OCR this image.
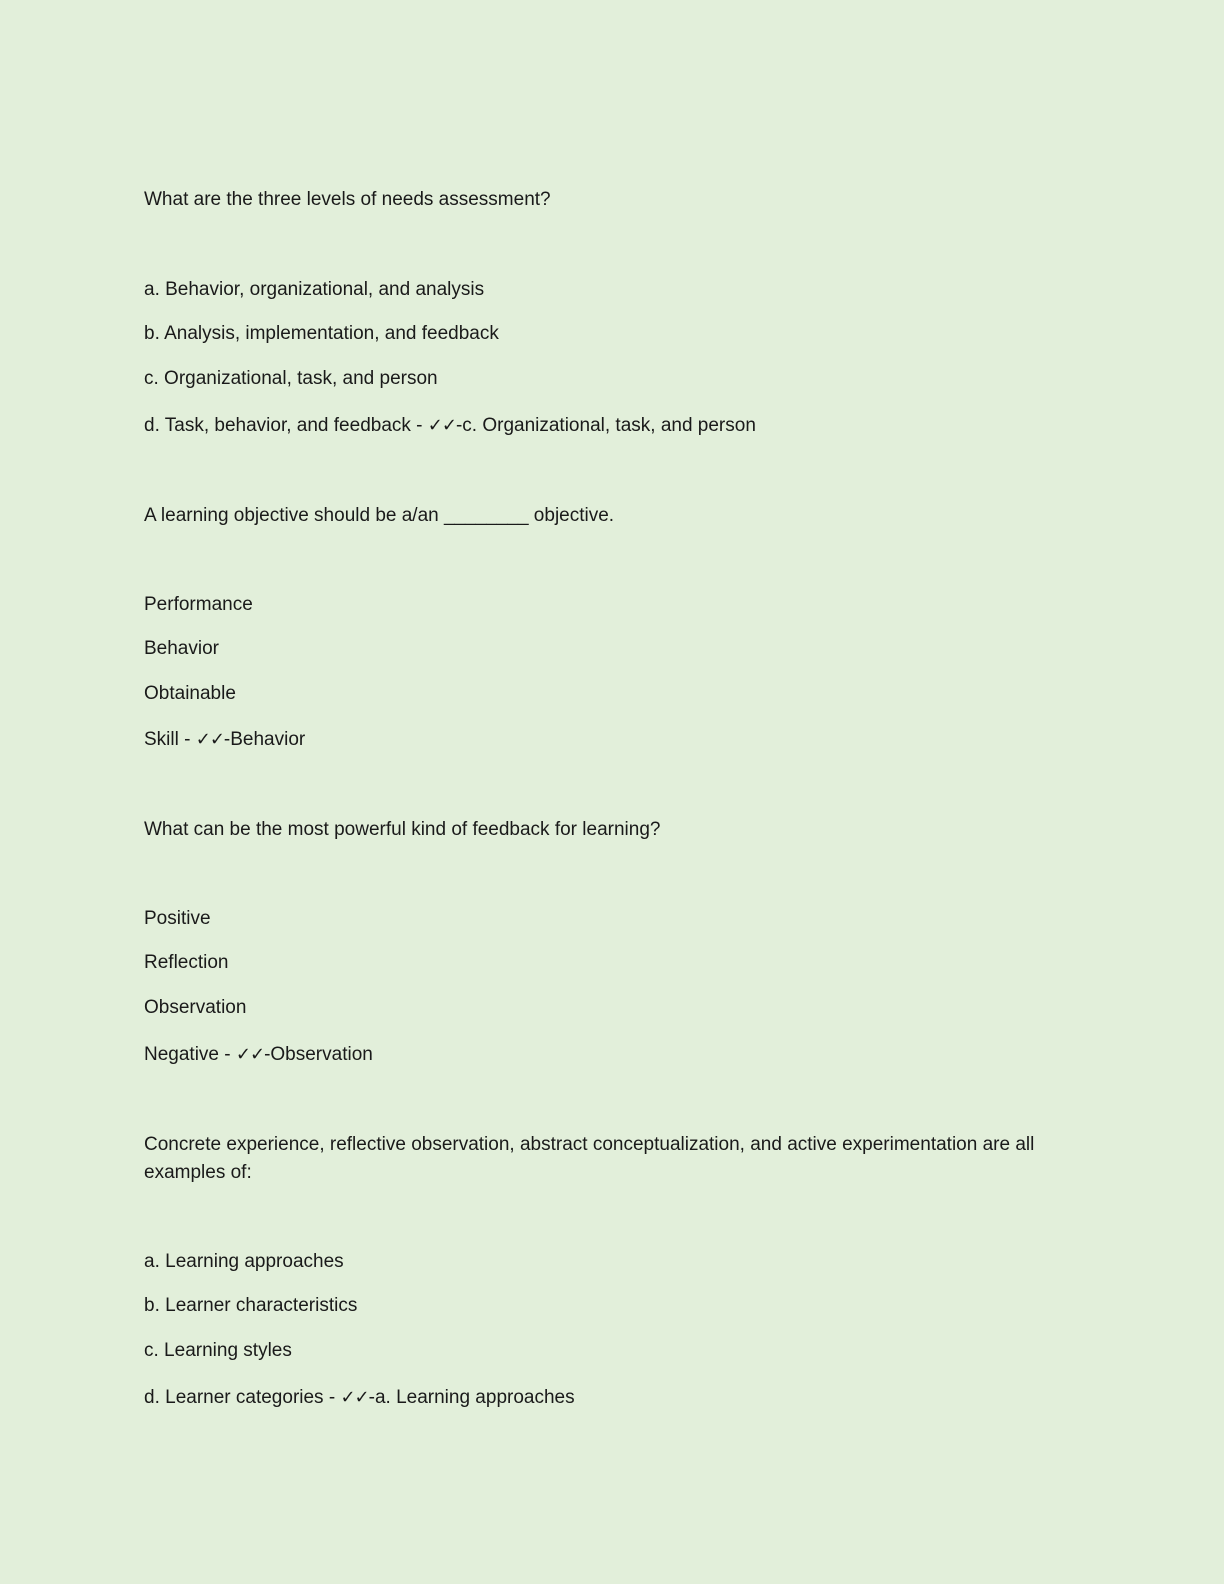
What are the three levels of needs assessment?
a. Behavior, organizational, and analysis
b. Analysis, implementation, and feedback
c. Organizational, task, and person
d. Task, behavior, and feedback - ✓✓-c. Organizational, task, and person
A learning objective should be a/an ________ objective.
Performance
Behavior
Obtainable
Skill - ✓✓-Behavior
What can be the most powerful kind of feedback for learning?
Positive
Reflection
Observation
Negative - ✓✓-Observation
Concrete experience, reflective observation, abstract conceptualization, and active experimentation are all examples of:
a. Learning approaches
b. Learner characteristics
c. Learning styles
d. Learner categories - ✓✓-a. Learning approaches
